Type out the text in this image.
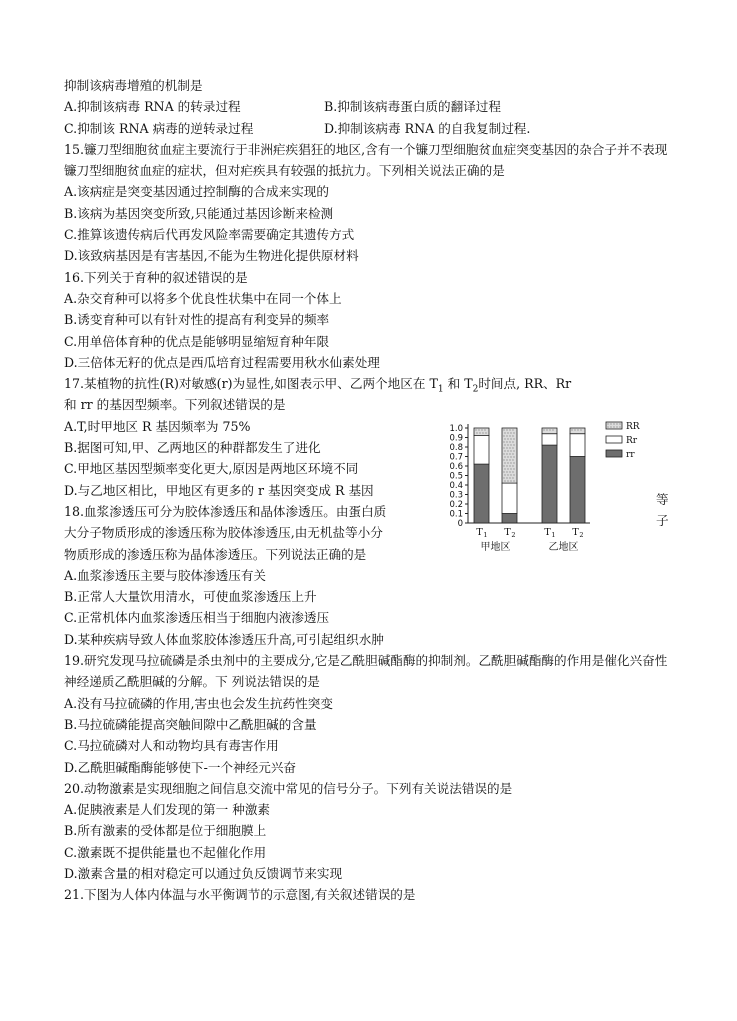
抑制该病毒增殖的机制是
A.抑制该病毒 RNA 的转录过程	B.抑制该病毒蛋白质的翻译过程
C.抑制该 RNA 病毒的逆转录过程	D.抑制该病毒 RNA 的自我复制过程.
15.镰刀型细胞贫血症主要流行于非洲疟疾猖狂的地区,含有一个镰刀型细胞贫血症突变基因的杂合子并不表现镰刀型细胞贫血症的症状，但对疟疾具有较强的抵抗力。下列相关说法正确的是
A.该病症是突变基因通过控制酶的合成来实现的
B.该病为基因突变所致,只能通过基因诊断来检测
C.推算该遗传病后代再发风险率需要确定其遗传方式
D.该致病基因是有害基因,不能为生物进化提供原材料
16.下列关于育种的叙述错误的是
A.杂交育种可以将多个优良性状集中在同一个体上
B.诱变育种可以有针对性的提高有利变异的频率
C.用单倍体育种的优点是能够明显缩短育种年限
D.三倍体无籽的优点是西瓜培育过程需要用秋水仙素处理
17.某植物的抗性(R)对敏感(r)为显性,如图表示甲、乙两个地区在 $T_1$ 和 $T_2$时间点, RR、Rr
和 rr 的基因型频率。下列叙述错误的是
A.T,时甲地区 R 基因频率为 75%
B.据图可知,甲、乙两地区的种群都发生了进化
C.甲地区基因型频率变化更大,原因是两地区环境不同
D.与乙地区相比，甲地区有更多的 r 基因突变成 R 基因
18.血浆渗透压可分为胶体渗透压和晶体渗透压。由蛋白质
大分子物质形成的渗透压称为胶体渗透压,由无机盐等小分
物质形成的渗透压称为晶体渗透压。下列说法正确的是
A.血浆渗透压主要与胶体渗透压有关
B.正常人大量饮用清水，可使血浆渗透压上升
C.正常机体内血浆渗透压相当于细胞内液渗透压
D.某种疾病导致人体血浆胶体渗透压升高,可引起组织水肿
19.研究发现马拉硫磷是杀虫剂中的主要成分,它是乙酰胆碱酯酶的抑制剂。乙酰胆碱酯酶的作用是催化兴奋性神经递质乙酰胆碱的分解。下 列说法错误的是
A.没有马拉硫磷的作用,害虫也会发生抗药性突变
B.马拉硫磷能提高突触间隙中乙酰胆碱的含量
C.马拉硫磷对人和动物均具有毒害作用
D.乙酰胆碱酯酶能够使下-一个神经元兴奋
20.动物激素是实现细胞之间信息交流中常见的信号分子。下列有关说法错误的是
A.促胰液素是人们发现的第一 种激素
B.所有激素的受体都是位于细胞膜上
C.激素既不提供能量也不起催化作用
D.激素含量的相对稳定可以通过负反馈调节来实现
21.下图为人体内体温与水平衡调节的示意图,有关叙述错误的是
等
子
0
0.1
0.2
0.3
0.4
0.5
0.6
0.7
0.8
0.9
1.0
T 1 T 2	T 1 T 2
甲地区	乙地区
RR
Rr
rr
